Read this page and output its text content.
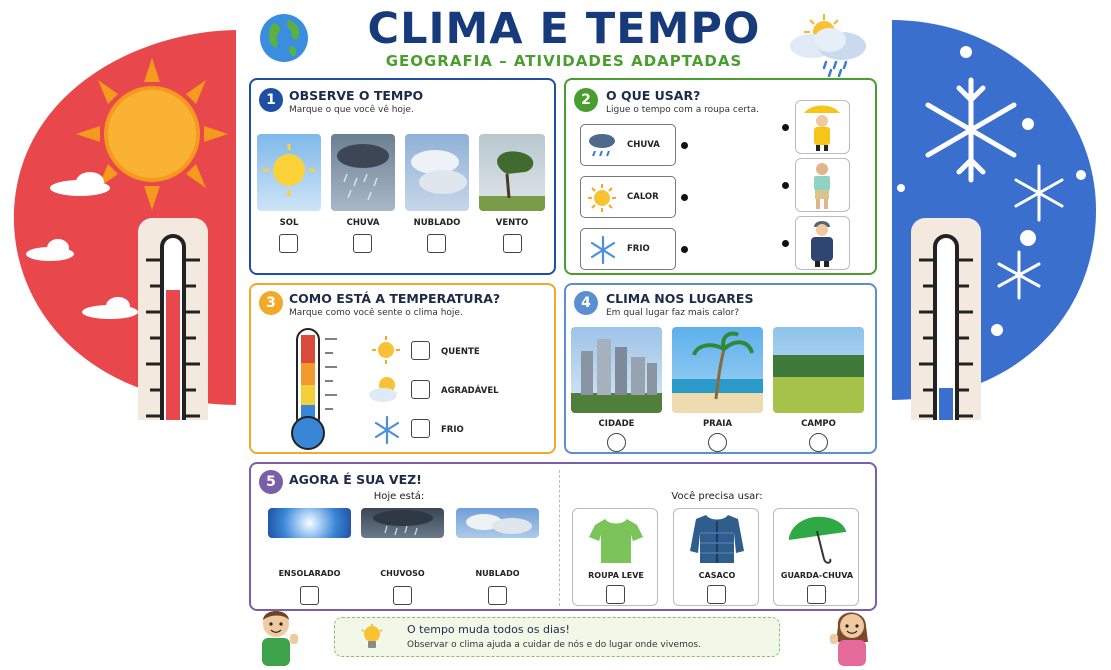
CLIMA E TEMPO
GEOGRAFIA – ATIVIDADES ADAPTADAS
1	OBSERVE O TEMPO
Marque o que você vê hoje.
SOL	CHUVA	NUBLADO	VENTO
2	O QUE USAR?
Ligue o tempo com a roupa certa.
CHUVA
CALOR
FRIO
3	COMO ESTÁ A TEMPERATURA?
Marque como você sente o clima hoje.
QUENTE
AGRADÁVEL
FRIO
4	CLIMA NOS LUGARES
Em qual lugar faz mais calor?
CIDADE	PRAIA	CAMPO
5	AGORA É SUA VEZ!
Hoje está:	Você precisa usar:
ENSOLARADO	CHUVOSO	NUBLADO	ROUPA LEVE	CASACO	GUARDA-CHUVA
O tempo muda todos os dias!
Observar o clima ajuda a cuidar de nós e do lugar onde vivemos.
